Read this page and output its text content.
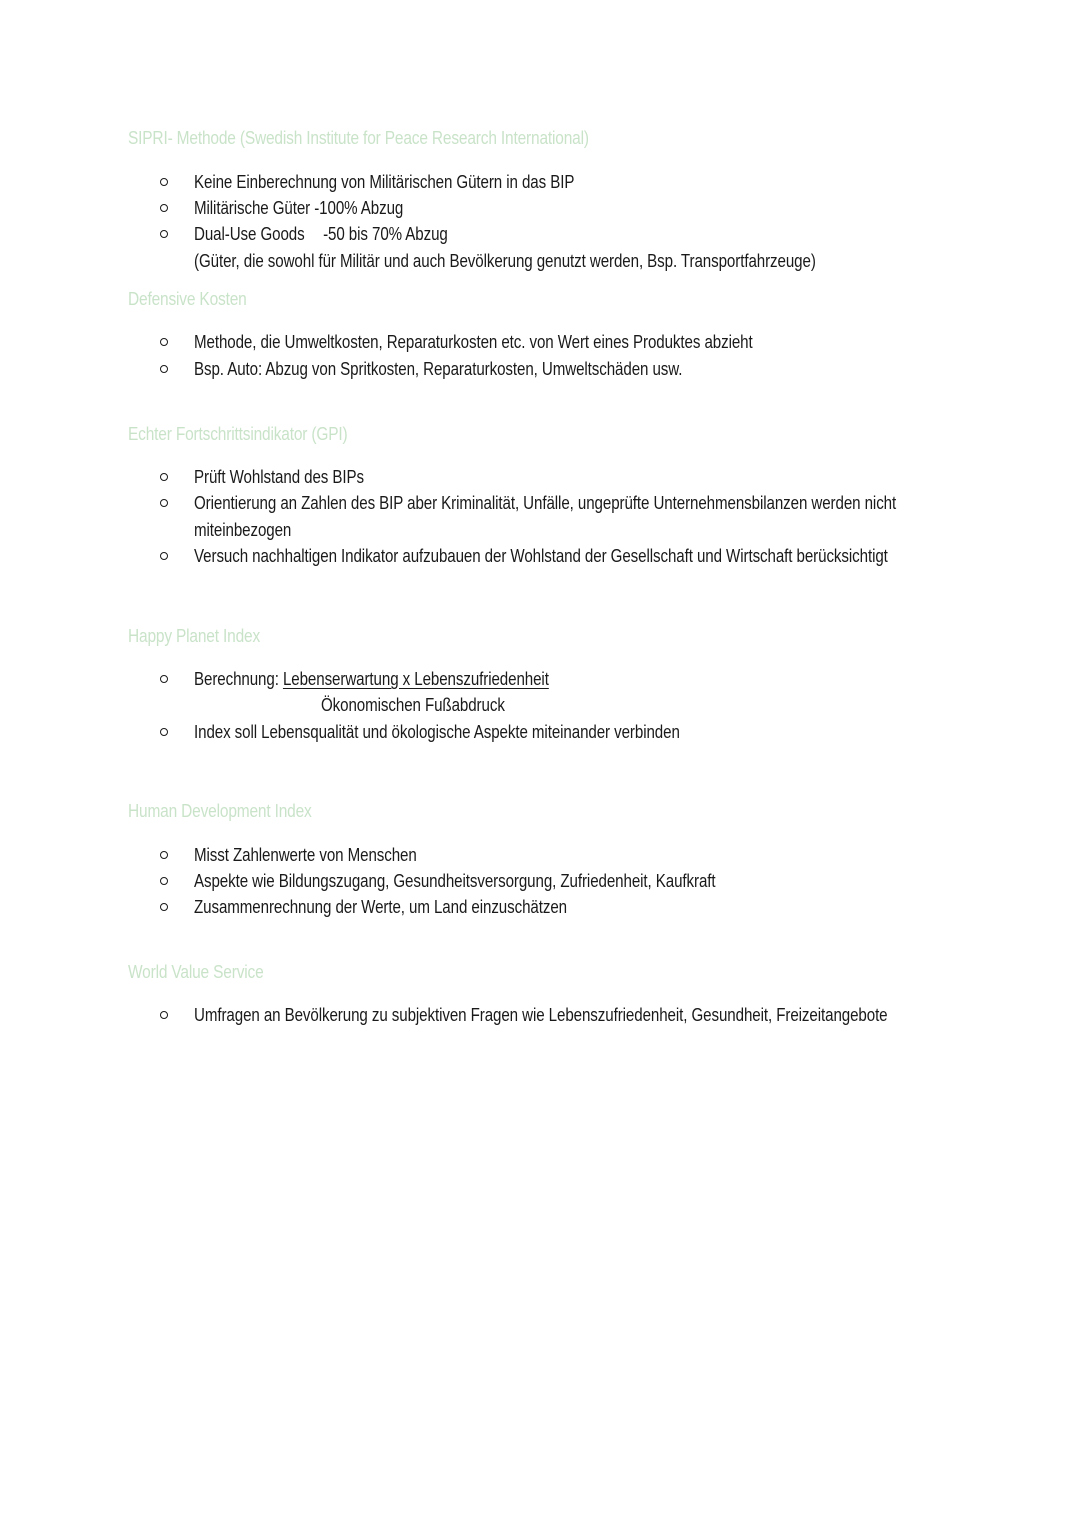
SIPRI- Methode (Swedish Institute for Peace Research International)
Keine Einberechnung von Militärischen Gütern in das BIP
Militärische Güter -100% Abzug
Dual-Use Goods -50 bis 70% Abzug
(Güter, die sowohl für Militär und auch Bevölkerung genutzt werden, Bsp. Transportfahrzeuge)
Defensive Kosten
Methode, die Umweltkosten, Reparaturkosten etc. von Wert eines Produktes abzieht
Bsp. Auto: Abzug von Spritkosten, Reparaturkosten, Umweltschäden usw.
Echter Fortschrittsindikator (GPI)
Prüft Wohlstand des BIPs
Orientierung an Zahlen des BIP aber Kriminalität, Unfälle, ungeprüfte Unternehmensbilanzen werden nicht
miteinbezogen
Versuch nachhaltigen Indikator aufzubauen der Wohlstand der Gesellschaft und Wirtschaft berücksichtigt
Happy Planet Index
Berechnung: Lebenserwartung x Lebenszufriedenheit
Ökonomischen Fußabdruck
Index soll Lebensqualität und ökologische Aspekte miteinander verbinden
Human Development Index
Misst Zahlenwerte von Menschen
Aspekte wie Bildungszugang, Gesundheitsversorgung, Zufriedenheit, Kaufkraft
Zusammenrechnung der Werte, um Land einzuschätzen
World Value Service
Umfragen an Bevölkerung zu subjektiven Fragen wie Lebenszufriedenheit, Gesundheit, Freizeitangebote
